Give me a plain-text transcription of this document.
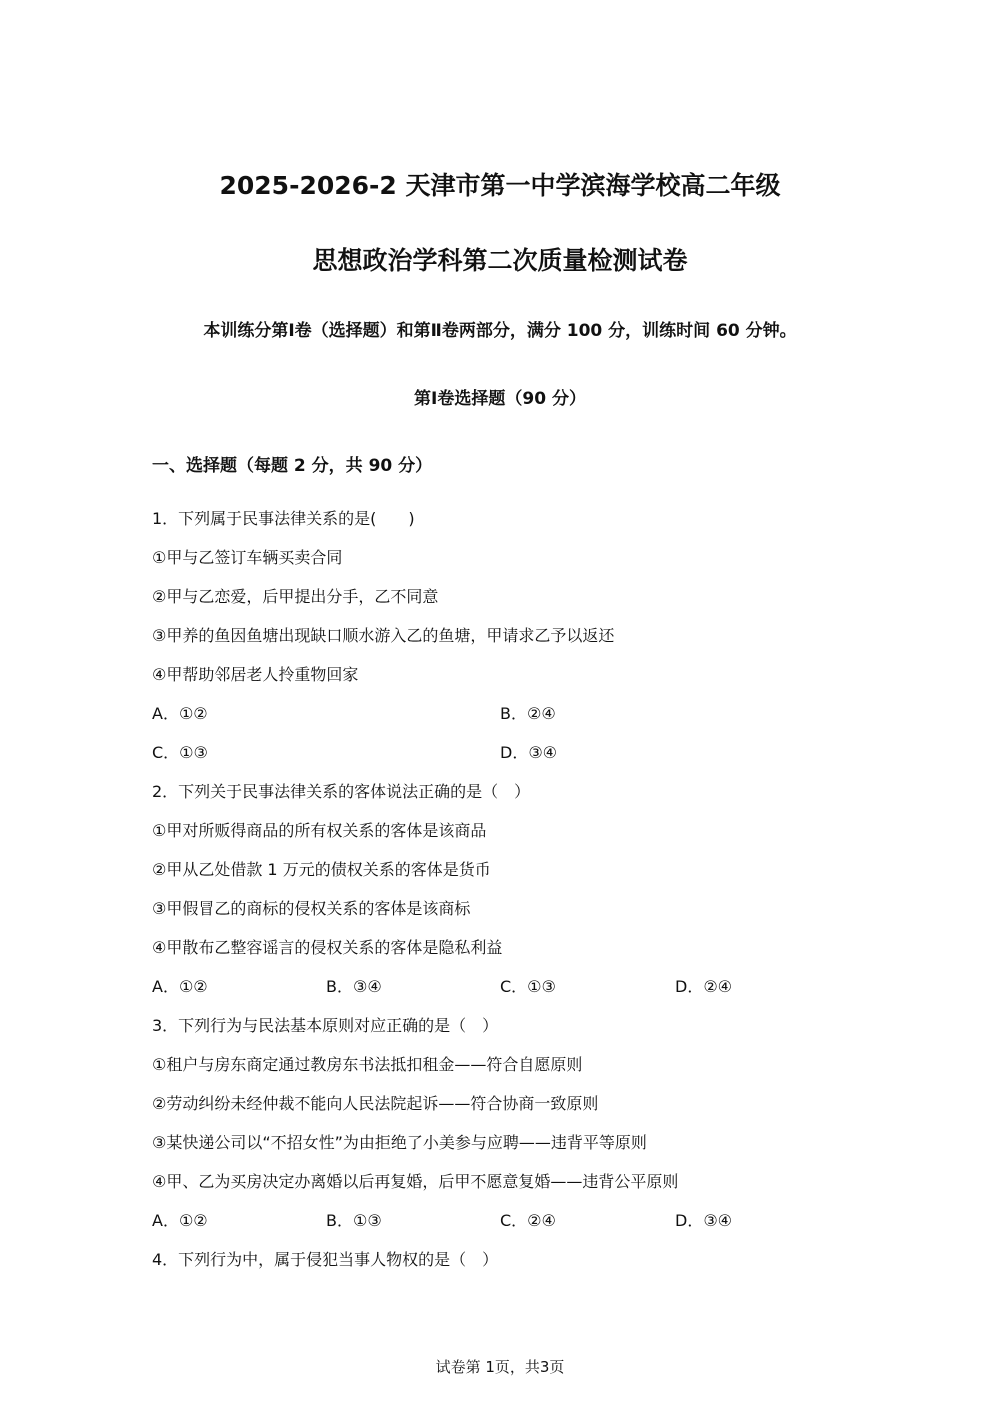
2025-2026-2 天津市第一中学滨海学校高二年级
思想政治学科第二次质量检测试卷
本训练分第Ⅰ卷（选择题）和第Ⅱ卷两部分，满分 100 分，训练时间 60 分钟。
第Ⅰ卷选择题（90 分）
一、选择题（每题 2 分，共 90 分）
1．下列属于民事法律关系的是(　　)
①甲与乙签订车辆买卖合同
②甲与乙恋爱，后甲提出分手，乙不同意
③甲养的鱼因鱼塘出现缺口顺水游入乙的鱼塘，甲请求乙予以返还
④甲帮助邻居老人拎重物回家
A．①②	B．②④
C．①③	D．③④
2．下列关于民事法律关系的客体说法正确的是（　）
①甲对所贩得商品的所有权关系的客体是该商品
②甲从乙处借款 1 万元的债权关系的客体是货币
③甲假冒乙的商标的侵权关系的客体是该商标
④甲散布乙整容谣言的侵权关系的客体是隐私利益
A．①②	B．③④	C．①③	D．②④
3．下列行为与民法基本原则对应正确的是（　）
①租户与房东商定通过教房东书法抵扣租金——符合自愿原则
②劳动纠纷未经仲裁不能向人民法院起诉——符合协商一致原则
③某快递公司以“不招女性”为由拒绝了小美参与应聘——违背平等原则
④甲、乙为买房决定办离婚以后再复婚，后甲不愿意复婚——违背公平原则
A．①②	B．①③	C．②④	D．③④
4．下列行为中，属于侵犯当事人物权的是（　）
试卷第 1页，共3页
